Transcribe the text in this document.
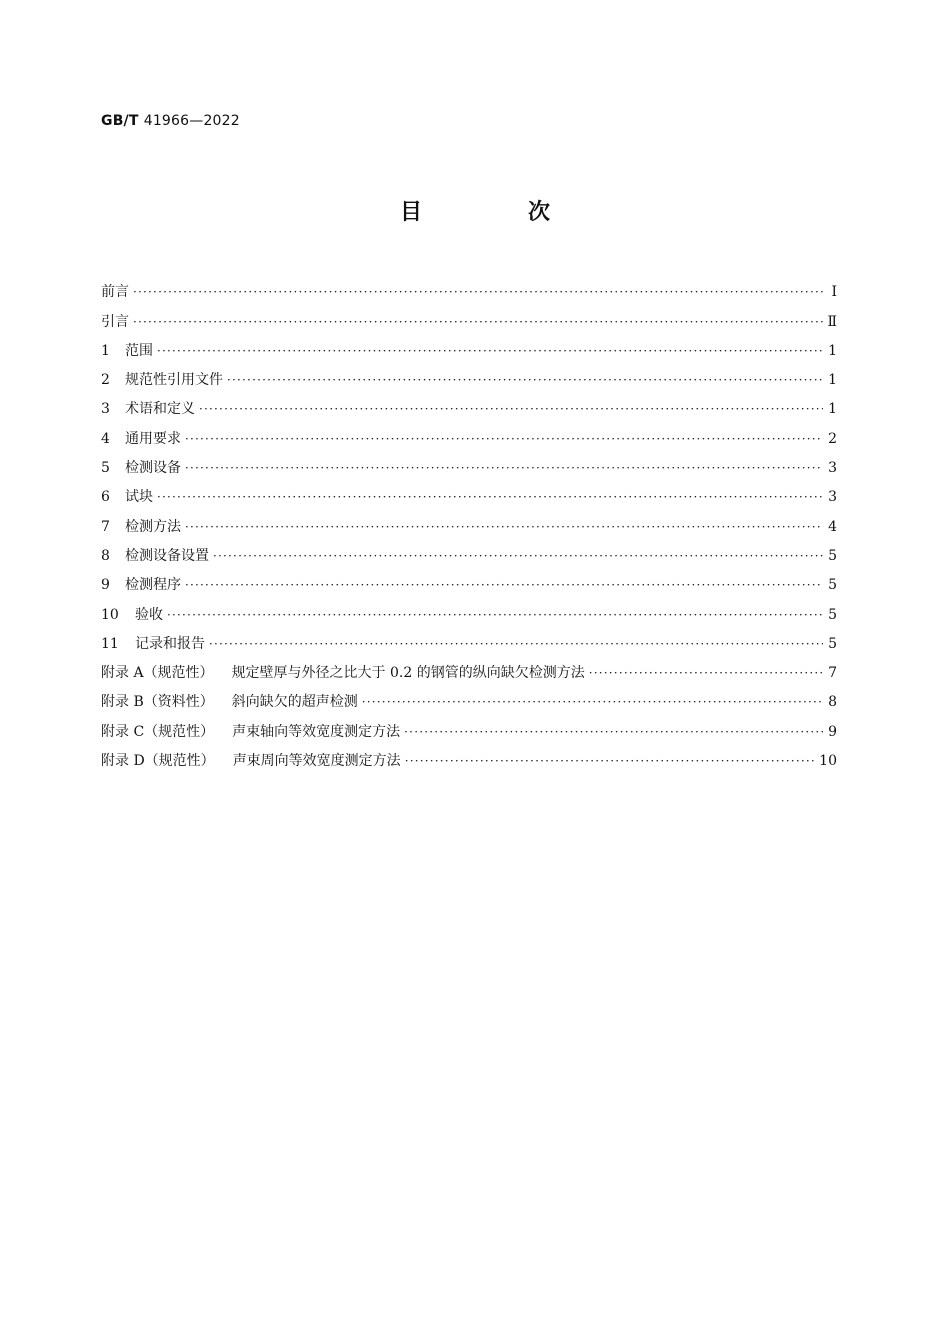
GB/T 41966—2022
目　次
前言 ·····	Ⅰ
引言 ·····	Ⅱ
1 范围 ·····	1
2 规范性引用文件 ·····	1
3 术语和定义 ·····	1
4 通用要求 ·····	2
5 检测设备 ·····	3
6 试块 ·····	3
7 检测方法 ·····	4
8 检测设备设置 ·····	5
9 检测程序 ·····	5
10 验收 ·····	5
11 记录和报告 ·····	5
附录 A（规范性） 规定壁厚与外径之比大于 0.2 的钢管的纵向缺欠检测方法 ·····	7
附录 B（资料性） 斜向缺欠的超声检测 ·····	8
附录 C（规范性） 声束轴向等效宽度测定方法 ·····	9
附录 D（规范性） 声束周向等效宽度测定方法 ·····	10
